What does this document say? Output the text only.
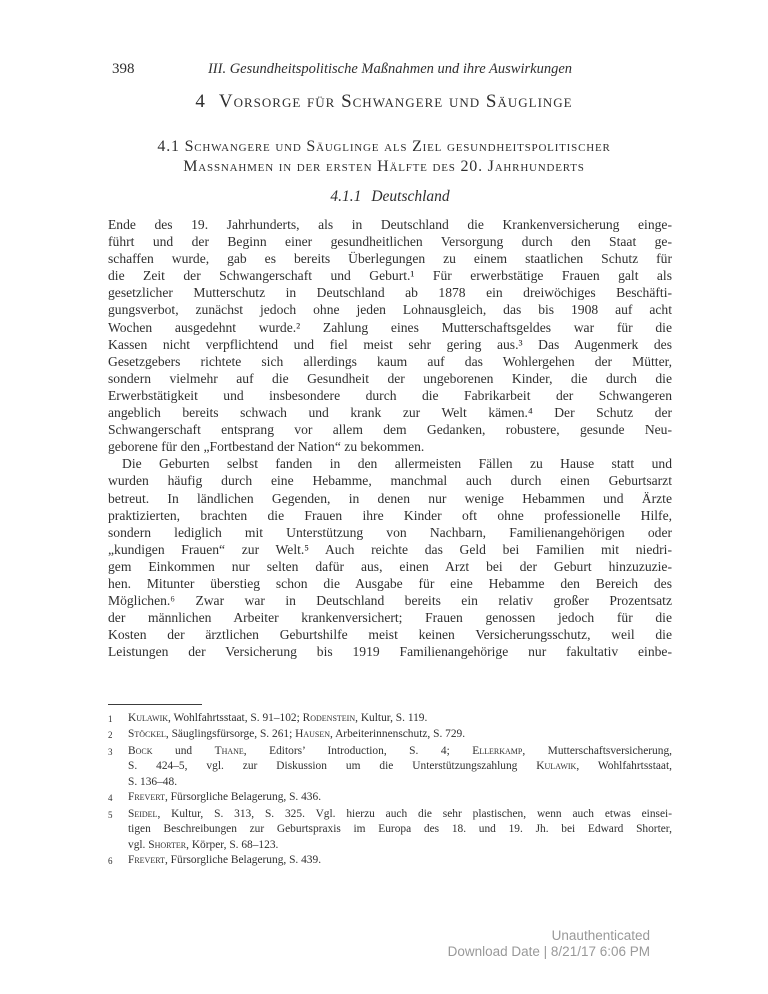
398	III. Gesundheitspolitische Maßnahmen und ihre Auswirkungen
4 Vorsorge für Schwangere und Säuglinge
4.1 Schwangere und Säuglinge als Ziel gesundheitspolitischer
Massnahmen in der ersten Hälfte des 20. Jahrhunderts
4.1.1 Deutschland
Ende des 19. Jahrhunderts, als in Deutschland die Krankenversicherung einge-
führt und der Beginn einer gesundheitlichen Versorgung durch den Staat ge-
schaffen wurde, gab es bereits Überlegungen zu einem staatlichen Schutz für
die Zeit der Schwangerschaft und Geburt.¹ Für erwerbstätige Frauen galt als
gesetzlicher Mutterschutz in Deutschland ab 1878 ein dreiwöchiges Beschäfti-
gungsverbot, zunächst jedoch ohne jeden Lohnausgleich, das bis 1908 auf acht
Wochen ausgedehnt wurde.² Zahlung eines Mutterschaftsgeldes war für die
Kassen nicht verpflichtend und fiel meist sehr gering aus.³ Das Augenmerk des
Gesetzgebers richtete sich allerdings kaum auf das Wohlergehen der Mütter,
sondern vielmehr auf die Gesundheit der ungeborenen Kinder, die durch die
Erwerbstätigkeit und insbesondere durch die Fabrikarbeit der Schwangeren
angeblich bereits schwach und krank zur Welt kämen.⁴ Der Schutz der
Schwangerschaft entsprang vor allem dem Gedanken, robustere, gesunde Neu-
geborene für den „Fortbestand der Nation“ zu bekommen.
Die Geburten selbst fanden in den allermeisten Fällen zu Hause statt und
wurden häufig durch eine Hebamme, manchmal auch durch einen Geburtsarzt
betreut. In ländlichen Gegenden, in denen nur wenige Hebammen und Ärzte
praktizierten, brachten die Frauen ihre Kinder oft ohne professionelle Hilfe,
sondern lediglich mit Unterstützung von Nachbarn, Familienangehörigen oder
„kundigen Frauen“ zur Welt.⁵ Auch reichte das Geld bei Familien mit niedri-
gem Einkommen nur selten dafür aus, einen Arzt bei der Geburt hinzuzuzie-
hen. Mitunter überstieg schon die Ausgabe für eine Hebamme den Bereich des
Möglichen.⁶ Zwar war in Deutschland bereits ein relativ großer Prozentsatz
der männlichen Arbeiter krankenversichert; Frauen genossen jedoch für die
Kosten der ärztlichen Geburtshilfe meist keinen Versicherungsschutz, weil die
Leistungen der Versicherung bis 1919 Familienangehörige nur fakultativ einbe-
1	Kulawik, Wohlfahrtsstaat, S. 91–102; Rodenstein, Kultur, S. 119.
2	Stöckel, Säuglingsfürsorge, S. 261; Hausen, Arbeiterinnenschutz, S. 729.
3	Bock und Thane, Editors’ Introduction, S. 4; Ellerkamp, Mutterschaftsversicherung,
S. 424–5, vgl. zur Diskussion um die Unterstützungszahlung Kulawik, Wohlfahrtsstaat,
S. 136–48.
4	Frevert, Fürsorgliche Belagerung, S. 436.
5	Seidel, Kultur, S. 313, S. 325. Vgl. hierzu auch die sehr plastischen, wenn auch etwas einsei-
tigen Beschreibungen zur Geburtspraxis im Europa des 18. und 19. Jh. bei Edward Shorter,
vgl. Shorter, Körper, S. 68–123.
6	Frevert, Fürsorgliche Belagerung, S. 439.
Unauthenticated
Download Date | 8/21/17 6:06 PM
